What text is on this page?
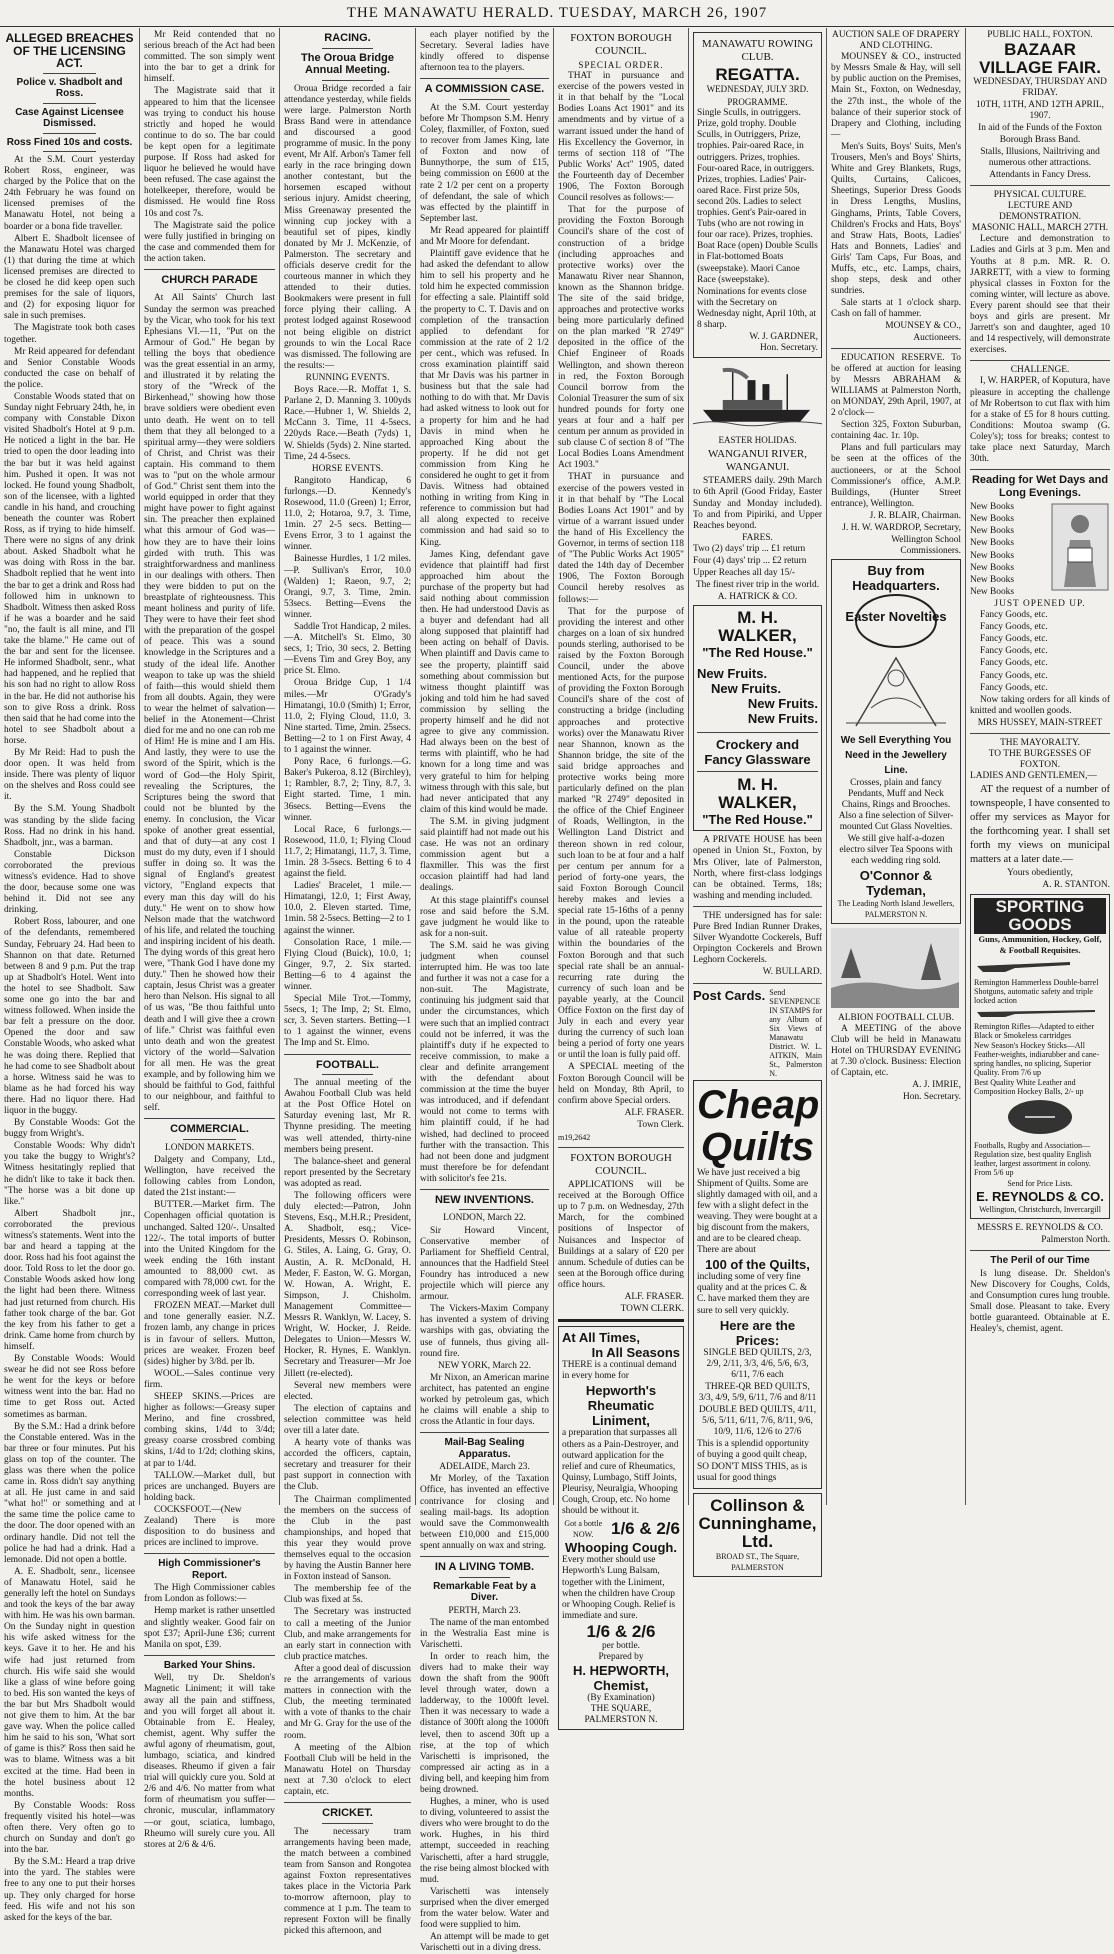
THE MANAWATU HERALD. TUESDAY, MARCH 26, 1907
ALLEGED BREACHES OF THE LICENSING ACT.
Police v. Shadbolt and Ross.
Case Against Licensee Dismissed.
Ross Fined 10s and costs.

At the S.M. Court yesterday Robert Ross, engineer, was charged by the Police that on the 24th February he was found on licensed premises of the Manawatu Hotel, not being a boarder or a bona fide traveller.

Albert E. Shadbolt licensee of the Manawatu Hotel was charged (1) that during the time at which licensed premises are directed to be closed he did keep open such premises for the sale of liquors, and (2) for exposing liquor for sale in such premises.

The Magistrate took both cases together.

Mr Reid appeared for defendant and Senior Constable Woods conducted the case on behalf of the police.

Constable Woods stated that on Sunday night February 24th, he, in company with Constable Dixon visited Shadbolt's Hotel at 9 p.m. He noticed a light in the bar. He tried to open the door leading into the bar but it was held against him. Pushed it open. It was not locked. He found young Shadbolt, son of the licensee, with a lighted candle in his hand, and crouching beneath the counter was Robert Ross, as if trying to hide himself. There were no signs of any drink about. Asked Shadbolt what he was doing with Ross in the bar. Shadbolt replied that he went into the bar to get a drink and Ross had followed him in unknown to Shadbolt. Witness then asked Ross if he was a boarder and he said "no, the fault is all mine, and I'll take the blame." He came out of the bar and sent for the licensee. He informed Shadbolt, senr., what had happened, and he replied that his son had no right to allow Ross in the bar. He did not authorise his son to give Ross a drink. Ross then said that he had come into the hotel to see Shadbolt about a horse.

By Mr Reid: Had to push the door open. It was held from inside. There was plenty of liquor on the shelves and Ross could see it.

By the S.M. Young Shadbolt was standing by the slide facing Ross. Had no drink in his hand. Shadbolt, jnr., was a barman.

Constable Dickson corroborated the previous witness's evidence. Had to shove the door, because some one was behind it. Did not see any drinking.

Robert Ross, labourer, and one of the defendants, remembered Sunday, February 24. Had been to Shannon on that date. Returned between 8 and 9 p.m. Put the trap up at Shadbolt's Hotel. Went into the hotel to see Shadbolt. Saw some one go into the bar and witness followed. When inside the bar felt a pressure on the door. Opened the door and saw Constable Woods, who asked what he was doing there. Replied that he had come to see Shadbolt about a horse. Witness said he was to blame as he had forced his way there. Had no liquor there. Had liquor in the buggy.

By Constable Woods: Got the buggy from Wright's.

Constable Woods: Why didn't you take the buggy to Wright's? Witness hesitatingly replied that he didn't like to take it back then. "The horse was a bit done up like."

Albert Shadbolt jnr., corroborated the previous witness's statements. Went into the bar and heard a tapping at the door. Ross had his foot against the door. Told Ross to let the door go. Constable Woods asked how long the light had been there. Witness had just returned from church. His father took charge of the bar. Got the key from his father to get a drink. Came home from church by himself.

By Constable Woods: Would swear he did not see Ross before he went for the keys or before witness went into the bar. Had no time to get Ross out. Acted sometimes as barman.

By the S.M.: Had a drink before the Constable entered. Was in the bar three or four minutes. Put his glass on top of the counter. The glass was there when the police came in. Ross didn't say anything at all. He just came in and said "what ho!" or something and at the same time the police came to the door. The door opened with an ordinary handle. Did not tell the police he had had a drink. Had a lemonade. Did not open a bottle.

A. E. Shadbolt, senr., licensee of Manawatu Hotel, said he generally left the hotel on Sundays and took the keys of the bar away with him. He was his own barman. On the Sunday night in question his wife asked witness for the keys. Gave it to her. He and his wife had just returned from church. His wife said she would like a glass of wine before going to bed. His son wanted the keys of the bar but Mrs Shadbolt would not give them to him. At the bar gave way. When the police called him he said to his son, 'What sort of game is this?' Ross then said he was to blame. Witness was a bit excited at the time. Had been in the hotel business about 12 months.

By Constable Woods: Ross frequently visited his hotel—was often there. Very often go to church on Sunday and don't go into the bar.

By the S.M.: Heard a trap drive into the yard. The stables were free to any one to put their horses up. They only charged for horse feed. His wife and not his son asked for the keys of the bar.

Mr Reid contended that no serious breach of the Act had been committed. The son simply went into the bar to get a drink for himself.

The Magistrate said that it appeared to him that the licensee was trying to conduct his house strictly and hoped he would continue to do so. The bar could be kept open for a legitimate purpose. If Ross had asked for liquor he believed he would have been refused. The case against the hotelkeeper, therefore, would be dismissed. He would fine Ross 10s and cost 7s.

The Magistrate said the police were fully justified in bringing on the case and commended them for the action taken.

CHURCH PARADE

At All Saints' Church last Sunday the sermon was preached by the Vicar, who took for his text Ephesians VI.—11, "Put on the Armour of God." He began by telling the boys that obedience was the great essential in an army, and illustrated it by relating the story of the "Wreck of the Birkenhead," showing how those brave soldiers were obedient even unto death. He went on to tell them that they all belonged to a spiritual army—they were soldiers of Christ, and Christ was their captain. His command to them was to "put on the whole armour of God." Christ sent them into the world equipped in order that they might have power to fight against sin. The preacher then explained what this armour of God was—how they are to have their loins girded with truth. This was straightforwardness and manliness in our dealings with others. Then they were bidden to put on the breastplate of righteousness. This meant holiness and purity of life. They were to have their feet shod with the preparation of the gospel of peace. This was a sound knowledge in the Scriptures and a study of the ideal life. Another weapon to take up was the shield of faith—this would shield them from all doubts. Again, they were to wear the helmet of salvation—belief in the Atonement—Christ died for me and no one can rob me of Him! He is mine and I am His. And lastly, they were to use the sword of the Spirit, which is the word of God—the Holy Spirit, revealing the Scriptures, the Scriptures being the sword that could not be blunted by the enemy. In conclusion, the Vicar spoke of another great essential, and that of duty—at any cost I must do my duty, even if I should suffer in doing so. It was the signal of England's greatest victory, "England expects that every man this day will do his duty." He went on to show how Nelson made that the watchword of his life, and related the touching and inspiring incident of his death. The dying words of this great hero were, "Thank God I have done my duty." Then he showed how their captain, Jesus Christ was a greater hero than Nelson. His signal to all of us was, "Be thou faithful unto death and I will give thee a crown of life." Christ was faithful even unto death and won the greatest victory of the world—Salvation for all men. He was the great example, and by following him we should be faithful to God, faithful to our neighbour, and faithful to self.

COMMERCIAL.

LONDON MARKETS.

Dalgety and Company, Ltd., Wellington, have received the following cables from London, dated the 21st instant:—

BUTTER.—Market firm. The Copenhagen official quotation is unchanged. Salted 120/-. Unsalted 122/-. The total imports of butter into the United Kingdom for the week ending the 16th instant amounted to 88,000 cwt. as compared with 78,000 cwt. for the corresponding week of last year.

FROZEN MEAT.—Market dull and tone generally easier. N.Z. frozen lamb, any change in prices is in favour of sellers. Mutton, prices are weaker. Frozen beef (sides) higher by 3/8d. per lb.

WOOL.—Sales continue very firm.

SHEEP SKINS.—Prices are higher as follows:—Greasy super Merino, and fine crossbred, combing skins, 1/4d to 3/4d; greasy coarse crossbred combing skins, 1/4d to 1/2d; clothing skins, at par to 1/4d.

TALLOW.—Market dull, but prices are unchanged. Buyers are holding back.

COCKSFOOT.—(New Zealand) There is more disposition to do business and prices are inclined to improve.

High Commissioner's Report.

The High Commissioner cables from London as follows:—

Hemp market is rather unsettled and slightly weaker. Good fair on spot £37; April-June £36; current Manila on spot, £39.

Barked Your Shins.

Well, try Dr. Sheldon's Magnetic Liniment; it will take away all the pain and stiffness, and you will forget all about it. Obtainable from E. Healey, chemist, agent. Why suffer the awful agony of rheumatism, gout, lumbago, sciatica, and kindred diseases. Rheumo if given a fair trial will quickly cure you. Sold at 2/6 and 4/6. No matter from what form of rheumatism you suffer—chronic, muscular, inflammatory—or gout, sciatica, lumbago, Rheumo will surely cure you. All stores at 2/6 & 4/6.

RACING.
The Oroua Bridge Annual Meeting.

Oroua Bridge recorded a fair attendance yesterday, while fields were large. Palmerston North Brass Band were in attendance and discoursed a good programme of music. In the pony event, Mr Alf. Arbon's Tamer fell early in the race bringing down another contestant, but the horsemen escaped without serious injury. Amidst cheering, Miss Greenaway presented the winning cup jockey with a beautiful set of pipes, kindly donated by Mr J. McKenzie, of Palmerston. The secretary and officials deserve credit for the courteous manner in which they attended to their duties. Bookmakers were present in full force plying their calling. A protest lodged against Rosewood not being eligible on district grounds to win the Local Race was dismissed. The following are the results:—

RUNNING EVENTS.

Boys Race.—R. Moffat 1, S. Parlane 2, D. Manning 3. 100yds Race.—Hubner 1, W. Shields 2, McCann 3. Time, 11 4-5secs. 220yds Race.—Beath (7yds) 1, W. Shields (5yds) 2. Nine started. Time, 24 4-5secs.

HORSE EVENTS.

Rangitoto Handicap, 6 furlongs.—D. Kennedy's Rosewood, 11.0 (Green) 1; Error, 11.0, 2; Hotaroa, 9.7, 3. Time, 1min. 27 2-5 secs. Betting—Evens Error, 3 to 1 against the winner.

Bainesse Hurdles, 1 1/2 miles.—P. Sullivan's Error, 10.0 (Walden) 1; Raeon, 9.7, 2; Orangi, 9.7, 3. Time, 2min. 53secs. Betting—Evens the winner.

Saddle Trot Handicap, 2 miles.—A. Mitchell's St. Elmo, 30 secs, 1; Trio, 30 secs, 2. Betting—Evens Tim and Grey Boy, any price St. Elmo.

Oroua Bridge Cup, 1 1/4 miles.—Mr O'Grady's Himatangi, 10.0 (Smith) 1; Error, 11.0, 2; Flying Cloud, 11.0, 3. Nine started. Time, 2min. 25secs. Betting—2 to 1 on First Away, 4 to 1 against the winner.

Pony Race, 6 furlongs.—G. Baker's Pukeroa, 8.12 (Birchley), 1; Rambler, 8.7, 2; Tiny, 8.7, 3. Eight started. Time, 1 min. 36secs. Betting—Evens the winner.

Local Race, 6 furlongs.—Rosewood, 11.0, 1; Flying Cloud 11.7, 2; Himatangi, 11.7, 3. Time, 1min. 28 3-5secs. Betting 6 to 4 against the field.

Ladies' Bracelet, 1 mile.—Himatangi, 12.0, 1; First Away, 10.0, 2. Eleven started. Time, 1min. 58 2-5secs. Betting—2 to 1 against the winner.

Consolation Race, 1 mile.—Flying Cloud (Buick), 10.0, 1; Ginger, 9.7, 2. Six started. Betting—6 to 4 against the winner.

Special Mile Trot.—Tommy, 5secs, 1; The Imp, 2; St. Elmo, scr, 3. Seven starters. Betting—1 to 1 against the winner, evens The Imp and St. Elmo.

FOOTBALL.

The annual meeting of the Awahou Football Club was held at the Post Office Hotel on Saturday evening last, Mr R. Thynne presiding. The meeting was well attended, thirty-nine members being present.

The balance-sheet and general report presented by the Secretary was adopted as read.

The following officers were duly elected:—Patron, John Stevens, Esq., M.H.R.; President, A. Shadbolt, esq.; Vice-Presidents, Messrs O. Robinson, G. Stiles, A. Laing, G. Gray, O. Austin, A. R. McDonald, H. Meder, F. Easton, W. G. Morgan, W. Howan, A. Wright, E. Simpson, J. Chisholm. Management Committee—Messrs R. Wanklyn, W. Lacey, S. Wright, W. Hocker, J. Reide. Delegates to Union—Messrs W. Hocker, R. Hynes, E. Wanklyn. Secretary and Treasurer—Mr Joe Jillett (re-elected).

Several new members were elected.

The election of captains and selection committee was held over till a later date.

A hearty vote of thanks was accorded the officers, captain, secretary and treasurer for their past support in connection with the Club.

The Chairman complimented the members on the success of the Club in the past championships, and hoped that this year they would prove themselves equal to the occasion by having the Austin Banner here in Foxton instead of Sanson.

The membership fee of the Club was fixed at 5s.

The Secretary was instructed to call a meeting of the Junior Club, and make arrangements for an early start in connection with club practice matches.

After a good deal of discussion re the arrangements of various matters in connection with the Club, the meeting terminated with a vote of thanks to the chair and Mr G. Gray for the use of the room.

A meeting of the Albion Football Club will be held in the Manawatu Hotel on Thursday next at 7.30 o'clock to elect captain, etc.

CRICKET.

The necessary tram arrangements having been made, the match between a combined team from Sanson and Rongotea against Foxton representatives takes place in the Victoria Park to-morrow afternoon, play to commence at 1 p.m. The team to represent Foxton will be finally picked this afternoon, and

each player notified by the Secretary. Several ladies have kindly offered to dispense afternoon tea to the players.

A COMMISSION CASE.

At the S.M. Court yesterday before Mr Thompson S.M. Henry Coley, flaxmiller, of Foxton, sued to recover from James King, late of Foxton and now of Bunnythorpe, the sum of £15, being commission on £600 at the rate 2 1/2 per cent on a property of defendant, the sale of which was effected by the plaintiff in September last.

Mr Read appeared for plaintiff and Mr Moore for defendant.

Plaintiff gave evidence that he had asked the defendant to allow him to sell his property and he told him he expected commission for effecting a sale. Plaintiff sold the property to C. T. Davis and on completion of the transaction applied to defendant for commission at the rate of 2 1/2 per cent., which was refused. In cross examination plaintiff said that Mr Davis was his partner in business but that the sale had nothing to do with that. Mr Davis had asked witness to look out for a property for him and he had Davis in mind when he approached King about the property. If he did not get commission from King he considered he ought to get it from Davis. Witness had obtained nothing in writing from King in reference to commission but had all along expected to receive commission and had said so to King.

James King, defendant gave evidence that plaintiff had first approached him about the purchase of the property but had said nothing about commission then. He had understood Davis as a buyer and defendant had all along supposed that plaintiff had been acting on behalf of Davis. When plaintiff and Davis came to see the property, plaintiff said something about commission but witness thought plaintiff was joking and told him he had saved commission by selling the property himself and he did not agree to give any commission. Had always been on the best of terms with plaintiff, who he had known for a long time and was very grateful to him for helping witness through with this sale, but had never anticipated that any claim of this kind would be made.

The S.M. in giving judgment said plaintiff had not made out his case. He was not an ordinary commission agent but a flaxmiller. This was the first occasion plaintiff had had land dealings.

At this stage plaintiff's counsel rose and said before the S.M. gave judgment he would like to ask for a non-suit.

The S.M. said he was giving judgment when counsel interrupted him. He was too late and further it was not a case for a non-suit. The Magistrate, continuing his judgment said that under the circumstances, which were such that an implied contract could not be inferred, it was the plaintiff's duty if he expected to receive commission, to make a clear and definite arrangement with the defendant about commission at the time the buyer was introduced, and if defendant would not come to terms with him plaintiff could, if he had wished, had declined to proceed further with the transaction. This had not been done and judgment must therefore be for defendant with solicitor's fee 21s.

NEW INVENTIONS.

LONDON, March 22.

Sir Howard Vincent, Conservative member of Parliament for Sheffield Central, announces that the Hadfield Steel Foundry has introduced a new projectile which will pierce any armour.

The Vickers-Maxim Company has invented a system of driving warships with gas, obviating the use of funnels, thus giving all-round fire.

NEW YORK, March 22.

Mr Nixon, an American marine architect, has patented an engine worked by petroleum gas, which he claims will enable a ship to cross the Atlantic in four days.

Mail-Bag Sealing Apparatus.

ADELAIDE, March 23.

Mr Morley, of the Taxation Office, has invented an effective contrivance for closing and sealing mail-bags. Its adoption would save the Commonwealth between £10,000 and £15,000 spent annually on wax and string.

IN A LIVING TOMB.
Remarkable Feat by a Diver.

PERTH, March 23.

The name of the man entombed in the Westralia East mine is Varischetti.

In order to reach him, the divers had to make their way down the shaft from the 900ft level through water, down a ladderway, to the 1000ft level. Then it was necessary to wade a distance of 300ft along the 1000ft level, then to ascend 30ft up a rise, at the top of which Varischetti is imprisoned, the compressed air acting as in a diving bell, and keeping him from being drowned.

Hughes, a miner, who is used to diving, volunteered to assist the divers who were brought to do the work. Hughes, in his third attempt, succeeded in reaching Varischetti, after a hard struggle, the rise being almost blocked with mud.

Varischetti was intensely surprised when the diver emerged from the water below. Water and food were supplied to him.

An attempt will be made to get Varischetti out in a diving dress.

FOXTON BOROUGH COUNCIL.
SPECIAL ORDER.

THAT in pursuance and exercise of the powers vested in it in that behalf by the "Local Bodies Loans Act 1901" and its amendments and by virtue of a warrant issued under the hand of His Excellency the Governor, in terms of section 118 of "The Public Works' Act" 1905, dated the Fourteenth day of December 1906, The Foxton Borough Council resolves as follows:—

That for the purpose of providing the Foxton Borough Council's share of the cost of construction of a bridge (including approaches and protective works) over the Manawatu River near Shannon, known as the Shannon bridge. The site of the said bridge, approaches and protective works being more particularly defined on the plan marked "R 2749" deposited in the office of the Chief Engineer of Roads Wellington, and shown thereon in red, the Foxton Borough Council borrow from the Colonial Treasurer the sum of six hundred pounds for forty one years at four and a half per centum per annum as provided in sub clause C of section 8 of "The Local Bodies Loans Amendment Act 1903."

THAT in pursuance and exercise of the powers vested in it in that behalf by "The Local Bodies Loans Act 1901" and by virtue of a warrant issued under the hand of His Excellency the Governor, in terms of section 118 of "The Public Works Act 1905" dated the 14th day of December 1906, The Foxton Borough Council hereby resolves as follows:—

That for the purpose of providing the interest and other charges on a loan of six hundred pounds sterling, authorised to be raised by the Foxton Borough Council, under the above mentioned Acts, for the purpose of providing the Foxton Borough Council's share of the cost of constructing a bridge (including approaches and protective works) over the Manawatu River near Shannon, known as the Shannon bridge, the site of the said bridge approaches and protective works being more particularly defined on the plan marked "R 2749" deposited in the office of the Chief Engineer of Roads, Wellington, in the Wellington Land District and thereon shown in red colour, such loan to be at four and a half per centum per annum for a period of forty-one years, the said Foxton Borough Council hereby makes and levies a special rate 15-16ths of a penny in the pound, upon the rateable value of all rateable property within the boundaries of the Foxton Borough and that such special rate shall be an annual-recurring rate during the currency of such loan and be payable yearly, at the Council Office Foxton on the first day of July in each and every year during the currency of such loan being a period of forty one years or until the loan is fully paid off.

A SPECIAL meeting of the Foxton Borough Council will be held on Monday, 8th April, to confirm above Special orders.

ALF. FRASER.

Town Clerk.

m19,2642

FOXTON BOROUGH COUNCIL.

APPLICATIONS will be received at the Borough Office up to 7 p.m. on Wednesday, 27th March, for the combined positions of Inspector of Nuisances and Inspector of Buildings at a salary of £20 per annum. Schedule of duties can be seen at the Borough office during office hours.

ALF. FRASER.

TOWN CLERK.

At All Times,
In All Seasons

THERE is a continual demand in every home for

Hepworth's Rheumatic Liniment,

a preparation that surpasses all others as a Pain-Destroyer, and outward application for the relief and cure of Rheumatics, Quinsy, Lumbago, Stiff Joints, Pleurisy, Neuralgia, Whooping Cough, Croup, etc. No home should be without it.

Got a bottle NOW.	1/6 & 2/6
Whooping Cough.

Every mother should use Hepworth's Lung Balsam, together with the Liniment, when the children have Croup or Whooping Cough. Relief is immediate and sure.

1/6 & 2/6
per bottle.
Prepared by
H. HEPWORTH, Chemist,
(By Examination)
THE SQUARE, PALMERSTON N.
MANAWATU ROWING CLUB.
REGATTA.
WEDNESDAY, JULY 3RD.
PROGRAMME.

Single Sculls, in outriggers. Prize, gold trophy. Double Sculls, in Outriggers, Prize, trophies. Pair-oared Race, in outriggers. Prizes, trophies. Four-oared Race, in outriggers. Prizes, trophies. Ladies' Pair-oared Race. First prize 50s, second 20s. Ladies to select trophies. Gent's Pair-oared in Tubs (who are not rowing in four oar race). Prizes, trophies. Boat Race (open) Double Sculls in Flat-bottomed Boats (sweepstake). Maori Canoe Race (sweepstake).

Nominations for events close with the Secretary on Wednesday night, April 10th, at 8 sharp.

W. J. GARDNER,
Hon. Secretary.
EASTER HOLIDAS.
WANGANUI RIVER, WANGANUI.

STEAMERS daily. 29th March to 6th April (Good Friday, Easter Sunday and Monday included). To and from Pipiriki, and Upper Reaches beyond.

FARES.

Two (2) days' trip ... £1 return

Four (4) days' trip ... £2 return

Upper Reaches all day 15/-

The finest river trip in the world.

A. HATRICK & CO.

M. H. WALKER,
"The Red House."
New Fruits.
New Fruits.
New Fruits.
New Fruits.
Crockery and Fancy Glassware
M. H. WALKER,
"The Red House."

A PRIVATE HOUSE has been opened in Union St., Foxton, by Mrs Oliver, late of Palmerston, North, where first-class lodgings can be obtained. Terms, 18s; washing and mending included.

THE undersigned has for sale: Pure Bred Indian Runner Drakes, Silver Wyandotte Cockerels, Buff Orpington Cockerels and Brown Leghorn Cockerels.

W. BULLARD.

Post Cards. Send SEVENPENCE IN STAMPS for any Album of Six Views of Manawatu District. W. L. AITKIN, Main St., Palmerston N.
Cheap Quilts

We have just received a big Shipment of Quilts. Some are slightly damaged with oil, and a few with a slight defect in the weaving. They were bought at a big discount from the makers, and are to be cleared cheap. There are about

100 of the Quilts,

including some of very fine quality and at the prices C. & C. have marked them they are sure to sell very quickly.

Here are the Prices:

SINGLE BED QUILTS, 2/3, 2/9, 2/11, 3/3, 4/6, 5/6, 6/3, 6/11, 7/6 each

THREE-QR BED QUILTS, 3/3, 4/9, 5/9, 6/11, 7/6 and 8/11

DOUBLE BED QUILTS, 4/11, 5/6, 5/11, 6/11, 7/6, 8/11, 9/6, 10/9, 11/6, 12/6 to 27/6

This is a splendid opportunity of buying a good quilt cheap, SO DON'T MISS THIS, as is usual for good things

Collinson & Cunninghame, Ltd.
BROAD ST., The Square, PALMERSTON
AUCTION SALE OF DRAPERY AND CLOTHING.

MOUNSEY & CO., instructed by Messrs Smale & Hay, will sell by public auction on the Premises, Main St., Foxton, on Wednesday, the 27th inst., the whole of the balance of their superior stock of Drapery and Clothing, including—

Men's Suits, Boys' Suits, Men's Trousers, Men's and Boys' Shirts, White and Grey Blankets, Rugs, Quilts, Curtains, Calicoes, Sheetings, Superior Dress Goods in Dress Lengths, Muslins, Ginghams, Prints, Table Covers, Children's Frocks and Hats, Boys' and Straw Hats, Boots, Ladies' Hats and Bonnets, Ladies' and Girls' Tam Caps, Fur Boas, and Muffs, etc., etc. Lamps, chairs, shop steps, desk and other sundries.

Sale starts at 1 o'clock sharp. Cash on fall of hammer.

MOUNSEY & CO., Auctioneers.

EDUCATION RESERVE. To be offered at auction for leasing by Messrs ABRAHAM & WILLIAMS at Palmerston North, on MONDAY, 29th April, 1907, at 2 o'clock—

Section 325, Foxton Suburban, containing 4ac. 1r. 10p.

Plans and full particulars may be seen at the offices of the auctioneers, or at the School Commissioner's office, A.M.P. Buildings, (Hunter Street entrance), Wellington.

J. R. BLAIR, Chairman.

J. H. W. WARDROP, Secretary,

Wellington School Commissioners.

Buy from Headquarters.
Easter Novelties
We Sell Everything You Need in the Jewellery Line.

Crosses, plain and fancy Pendants, Muff and Neck Chains, Rings and Brooches. Also a fine selection of Silver-mounted Cut Glass Novelties.

We still give half-a-dozen electro silver Tea Spoons with each wedding ring sold.

O'Connor & Tydeman,
The Leading North Island Jewellers, PALMERSTON N.
ALBION FOOTBALL CLUB.

A MEETING of the above Club will be held in Manawatu Hotel on THURSDAY EVENING at 7.30 o'clock. Business: Election of Captain, etc.

A. J. IMRIE,

Hon. Secretary.

PUBLIC HALL, FOXTON.
BAZAAR
VILLAGE FAIR.

WEDNESDAY, THURSDAY AND FRIDAY.

10TH, 11TH, AND 12TH APRIL, 1907.

In aid of the Funds of the Foxton Borough Brass Band.

Stalls, Illusions, Nailtriving and numerous other attractions.

Attendants in Fancy Dress.

PHYSICAL CULTURE.
LECTURE AND DEMONSTRATION.
MASONIC HALL, MARCH 27TH.

Lecture and demonstration to Ladies and Girls at 3 p.m. Men and Youths at 8 p.m. MR. R. O. JARRETT, with a view to forming physical classes in Foxton for the coming winter, will lecture as above. Every parent should see that their boys and girls are present. Mr Jarrett's son and daughter, aged 10 and 14 respectively, will demonstrate exercises.

CHALLENGE.

I, W. HARPER, of Koputura, have pleasure in accepting the challenge of Mr Robertson to cut flax with him for a stake of £5 for 8 hours cutting. Conditions: Moutoa swamp (G. Coley's); toss for breaks; contest to take place next Saturday, March 30th.

Reading for Wet Days and Long Evenings.

New Books

New Books

New Books

New Books

New Books

New Books

New Books

New Books

JUST OPENED UP.

Fancy Goods, etc.

Fancy Goods, etc.

Fancy Goods, etc.

Fancy Goods, etc.

Fancy Goods, etc.

Fancy Goods, etc.

Fancy Goods, etc.

Now taking orders for all kinds of knitted and woollen goods.

MRS HUSSEY, MAIN-STREET

THE MAYORALTY.
TO THE BURGESSES OF FOXTON.

LADIES AND GENTLEMEN,—

AT the request of a number of townspeople, I have consented to offer my services as Mayor for the forthcoming year. I shall set forth my views on municipal matters at a later date.—

Yours obediently,

A. R. STANTON.

SPORTING GOODS
Guns, Ammunition, Hockey, Golf, & Football Requisites.

Remington Hammerless Double-barrel Shotguns, automatic safety and triple locked action

Remington Rifles—Adapted to either Black or Smokeless cartridges

New Season's Hockey Sticks—All Feather-weights, indiarubber and cane-spring handles, no splicing, Superior Quality. From 7/6 up

Best Quality White Leather and Composition Hockey Balls, 2/- up

Footballs, Rugby and Association—Regulation size, best quality English leather, largest assortment in colony. From 5/6 up

Send for Price Lists.
E. REYNOLDS & CO.
Wellington, Christchurch, Invercargill

MESSRS E. REYNOLDS & CO.

Palmerston North.

The Peril of our Time

Is lung disease. Dr. Sheldon's New Discovery for Coughs, Colds, and Consumption cures lung trouble. Small dose. Pleasant to take. Every bottle guaranteed. Obtainable at E. Healey's, chemist, agent.
